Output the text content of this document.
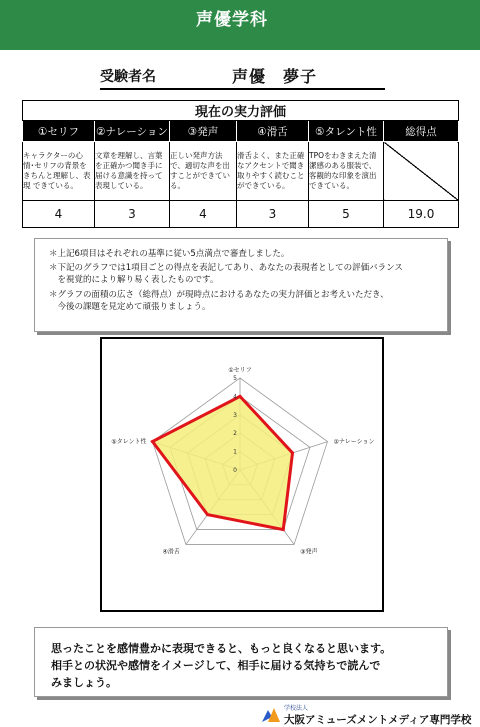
声優学科
受験者名	声優　夢子
現在の実力評価					
①セリフ	②ナレーション	③発声	④滑舌	⑤タレント性	総得点
キャラクターの心情･セリフの背景を きちんと理解し、表現 できている。	文章を理解し、言葉を正確かつ聞き手に届ける意識を持って表現している。	正しい発声方法で、適切な声を出すことができている。	滑舌よく、また正確なアクセントで聞き取りやすく読むことができている。	TPOをわきまえた清潔感のある服装で、客観的な印象を演出できている。	
4	3	4	3	5	19.0
＊上記6項目はそれぞれの基準に従い5点満点で審査しました。
＊下記のグラフでは1項目ごとの得点を表記してあり、あなたの表現者としての評価バランス
　を視覚的により解り易く表したものです。
＊グラフの面積の広さ（総得点）が現時点におけるあなたの実力評価とお考えいただき、
　今後の課題を見定めて頑張りましょう。
0
1
2
3
4
5
①セリフ
②ナレーション
③発声
④滑舌
⑤タレント性
思ったことを感情豊かに表現できると、もっと良くなると思います。
相手との状況や感情をイメージして、相手に届ける気持ちで読んで
みましょう。
学校法人
大阪アミューズメントメディア専門学校
